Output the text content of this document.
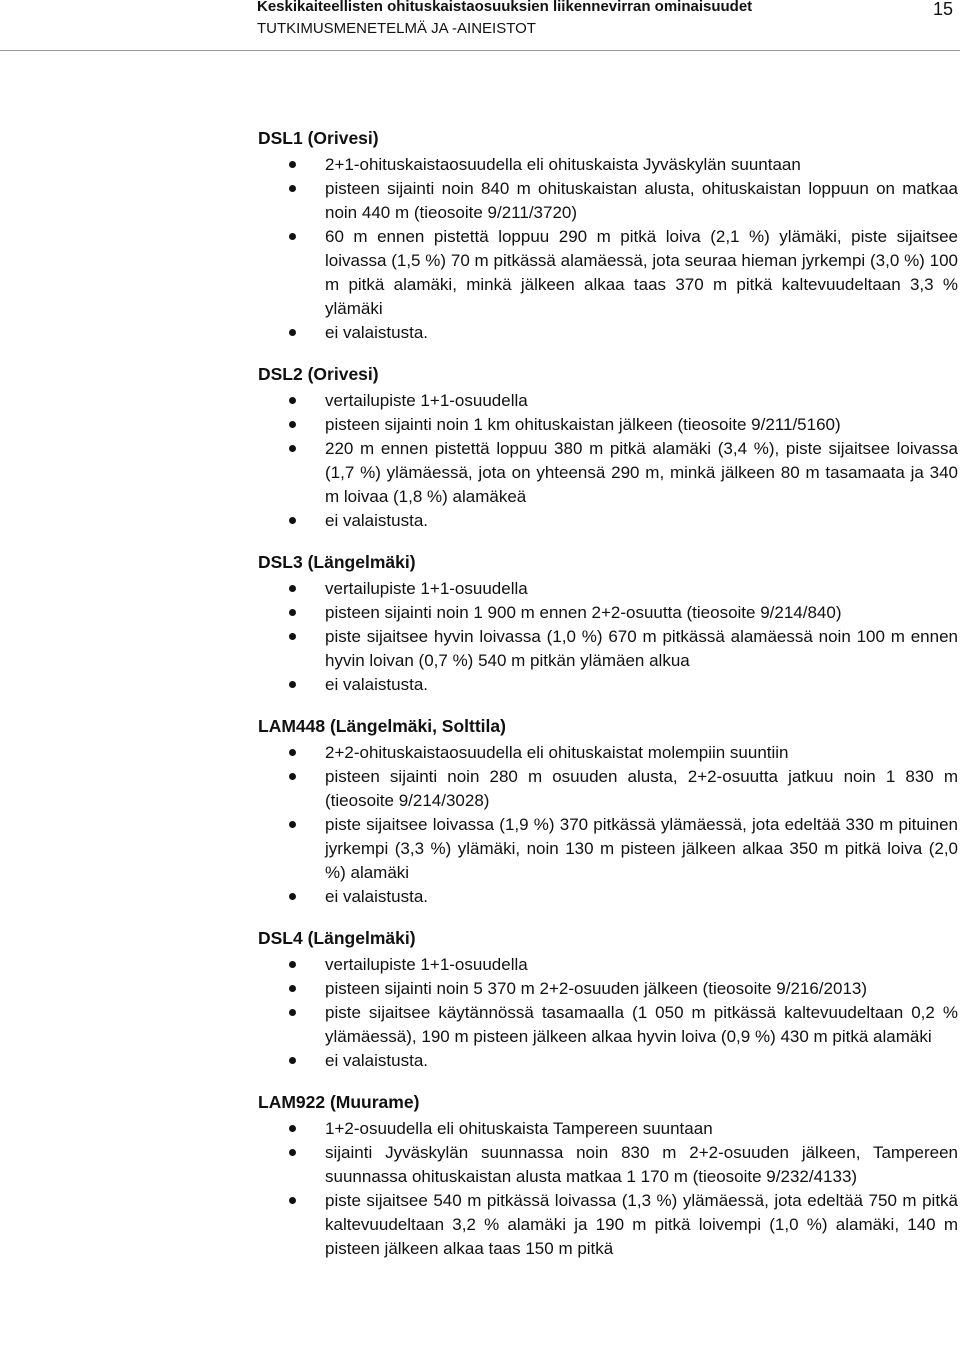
Keskikaiteellisten ohituskaistaosuuksien liikennevirran ominaisuudet
TUTKIMUSMENETELMÄ JA -AINEISTOT
15
DSL1 (Orivesi)
2+1-ohituskaistaosuudella eli ohituskaista Jyväskylän suuntaan
pisteen sijainti noin 840 m ohituskaistan alusta, ohituskaistan loppuun on matkaa noin 440 m (tieosoite 9/211/3720)
60 m ennen pistettä loppuu 290 m pitkä loiva (2,1 %) ylämäki, piste sijaitsee loivassa (1,5 %) 70 m pitkässä alamäessä, jota seuraa hieman jyrkempi (3,0 %) 100 m pitkä alamäki, minkä jälkeen alkaa taas 370 m pitkä kaltevuudeltaan 3,3 % ylämäki
ei valaistusta.
DSL2 (Orivesi)
vertailupiste 1+1-osuudella
pisteen sijainti noin 1 km ohituskaistan jälkeen (tieosoite 9/211/5160)
220 m ennen pistettä loppuu 380 m pitkä alamäki (3,4 %), piste sijaitsee loivassa (1,7 %) ylämäessä, jota on yhteensä 290 m, minkä jälkeen 80 m tasamaata ja 340 m loivaa (1,8 %) alamäkeä
ei valaistusta.
DSL3 (Längelmäki)
vertailupiste 1+1-osuudella
pisteen sijainti noin 1 900 m ennen 2+2-osuutta (tieosoite 9/214/840)
piste sijaitsee hyvin loivassa (1,0 %) 670 m pitkässä alamäessä noin 100 m ennen hyvin loivan (0,7 %) 540 m pitkän ylämäen alkua
ei valaistusta.
LAM448 (Längelmäki, Solttila)
2+2-ohituskaistaosuudella eli ohituskaistat molempiin suuntiin
pisteen sijainti noin 280 m osuuden alusta, 2+2-osuutta jatkuu noin 1 830 m (tieosoite 9/214/3028)
piste sijaitsee loivassa (1,9 %) 370 pitkässä ylämäessä, jota edeltää 330 m pituinen jyrkempi (3,3 %) ylämäki, noin 130 m pisteen jälkeen alkaa 350 m pitkä loiva (2,0 %) alamäki
ei valaistusta.
DSL4 (Längelmäki)
vertailupiste 1+1-osuudella
pisteen sijainti noin 5 370 m 2+2-osuuden jälkeen (tieosoite 9/216/2013)
piste sijaitsee käytännössä tasamaalla (1 050 m pitkässä kaltevuudeltaan 0,2 % ylämäessä), 190 m pisteen jälkeen alkaa hyvin loiva (0,9 %) 430 m pitkä alamäki
ei valaistusta.
LAM922 (Muurame)
1+2-osuudella eli ohituskaista Tampereen suuntaan
sijainti Jyväskylän suunnassa noin 830 m 2+2-osuuden jälkeen, Tampereen suunnassa ohituskaistan alusta matkaa 1 170 m (tieosoite 9/232/4133)
piste sijaitsee 540 m pitkässä loivassa (1,3 %) ylämäessä, jota edeltää 750 m pitkä kaltevuudeltaan 3,2 % alamäki ja 190 m pitkä loivempi (1,0 %) alamäki, 140 m pisteen jälkeen alkaa taas 150 m pitkä
